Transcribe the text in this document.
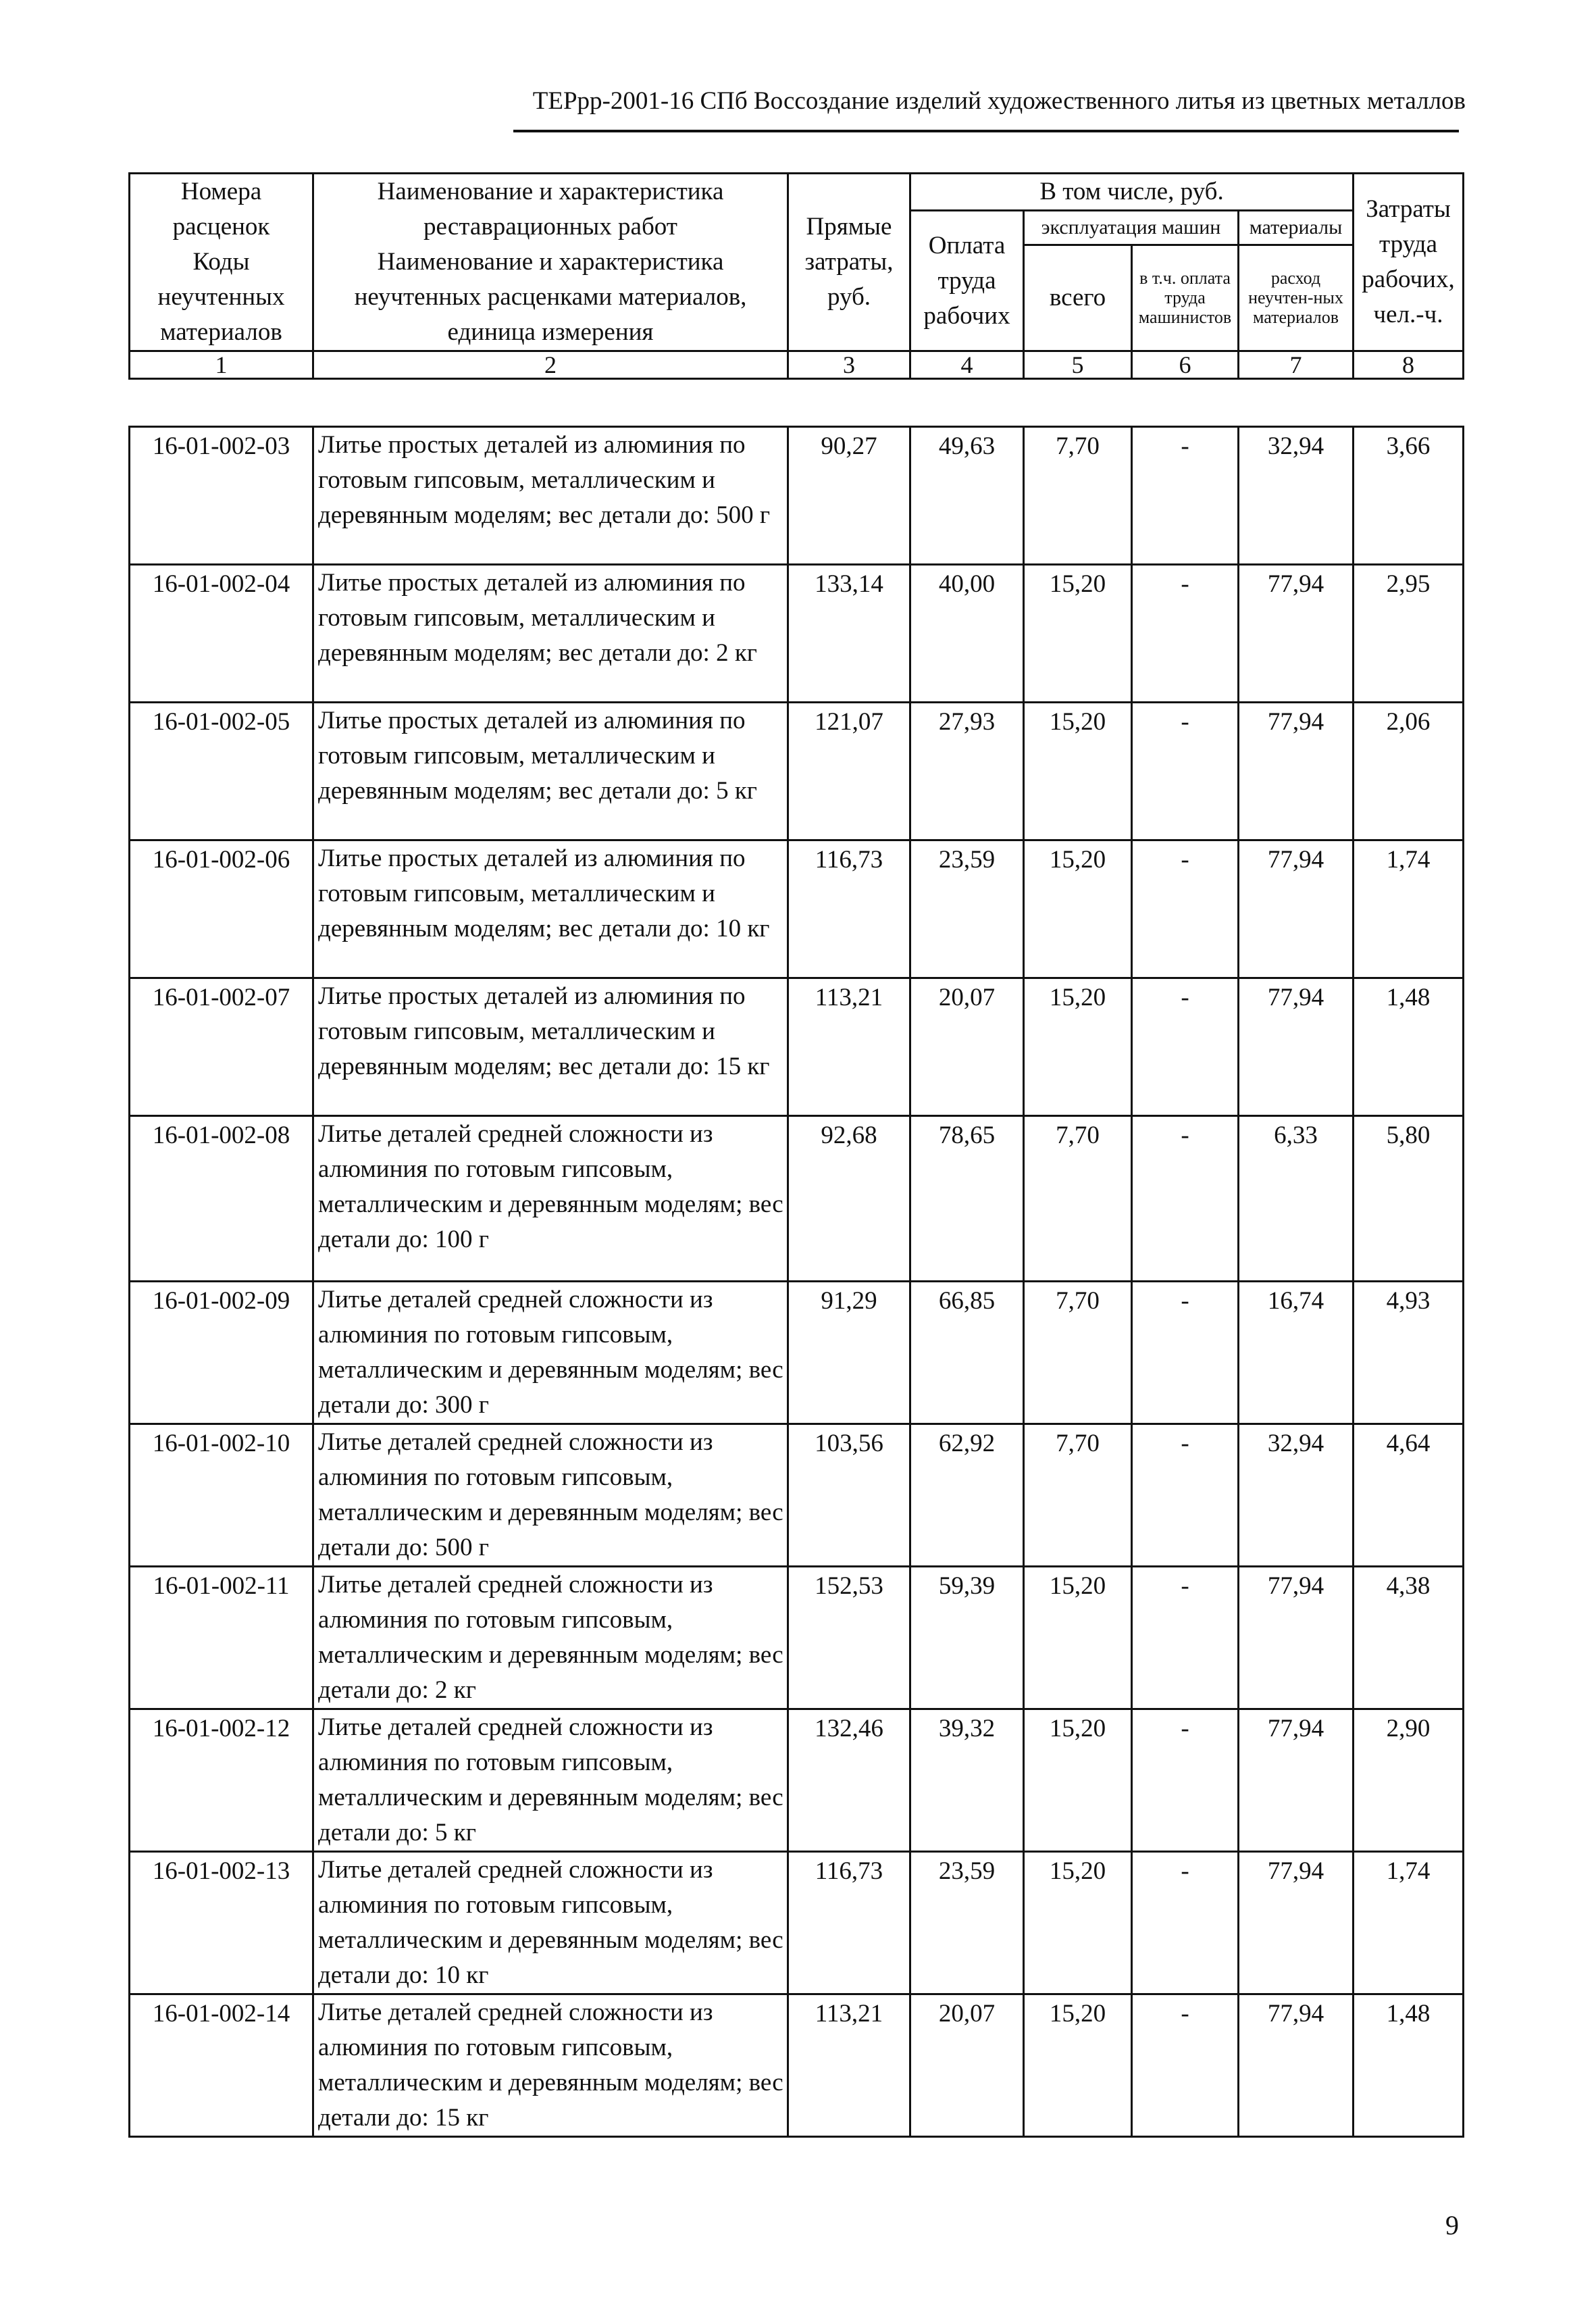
ТЕРрр-2001-16 СПб Воссоздание изделий художественного литья из цветных металлов
Номера расценок	Наименование и характеристика реставрационных работ	Прямые затраты, руб.	В том числе, руб.				Затраты труда рабочих, чел.-ч.
			Оплата труда рабочих	эксплуатация машин		материалы	
Коды неучтенных материалов	Наименование и характеристика неучтенных расценками материалов, единица измерения			всего	в т.ч. оплата труда машинистов	расход неучтен-ных материалов	

1	2	3	4	5	6	7	8
16-01-002-03	Литье простых деталей из алюминия по готовым гипсовым, металлическим и деревянным моделям; вес детали до: 500 г	90,27	49,63	7,70	-	32,94	3,66
16-01-002-04	Литье простых деталей из алюминия по готовым гипсовым, металлическим и деревянным моделям; вес детали до: 2 кг	133,14	40,00	15,20	-	77,94	2,95
16-01-002-05	Литье простых деталей из алюминия по готовым гипсовым, металлическим и деревянным моделям; вес детали до: 5 кг	121,07	27,93	15,20	-	77,94	2,06
16-01-002-06	Литье простых деталей из алюминия по готовым гипсовым, металлическим и деревянным моделям; вес детали до: 10 кг	116,73	23,59	15,20	-	77,94	1,74
16-01-002-07	Литье простых деталей из алюминия по готовым гипсовым, металлическим и деревянным моделям; вес детали до: 15 кг	113,21	20,07	15,20	-	77,94	1,48
16-01-002-08	Литье деталей средней сложности из алюминия по готовым гипсовым, металлическим и деревянным моделям; вес детали до: 100 г	92,68	78,65	7,70	-	6,33	5,80
16-01-002-09	Литье деталей средней сложности из алюминия по готовым гипсовым, металлическим и деревянным моделям; вес детали до: 300 г	91,29	66,85	7,70	-	16,74	4,93
16-01-002-10	Литье деталей средней сложности из алюминия по готовым гипсовым, металлическим и деревянным моделям; вес детали до: 500 г	103,56	62,92	7,70	-	32,94	4,64
16-01-002-11	Литье деталей средней сложности из алюминия по готовым гипсовым, металлическим и деревянным моделям; вес детали до: 2 кг	152,53	59,39	15,20	-	77,94	4,38
16-01-002-12	Литье деталей средней сложности из алюминия по готовым гипсовым, металлическим и деревянным моделям; вес детали до: 5 кг	132,46	39,32	15,20	-	77,94	2,90
16-01-002-13	Литье деталей средней сложности из алюминия по готовым гипсовым, металлическим и деревянным моделям; вес детали до: 10 кг	116,73	23,59	15,20	-	77,94	1,74
16-01-002-14	Литье деталей средней сложности из алюминия по готовым гипсовым, металлическим и деревянным моделям; вес детали до: 15 кг	113,21	20,07	15,20	-	77,94	1,48
9
